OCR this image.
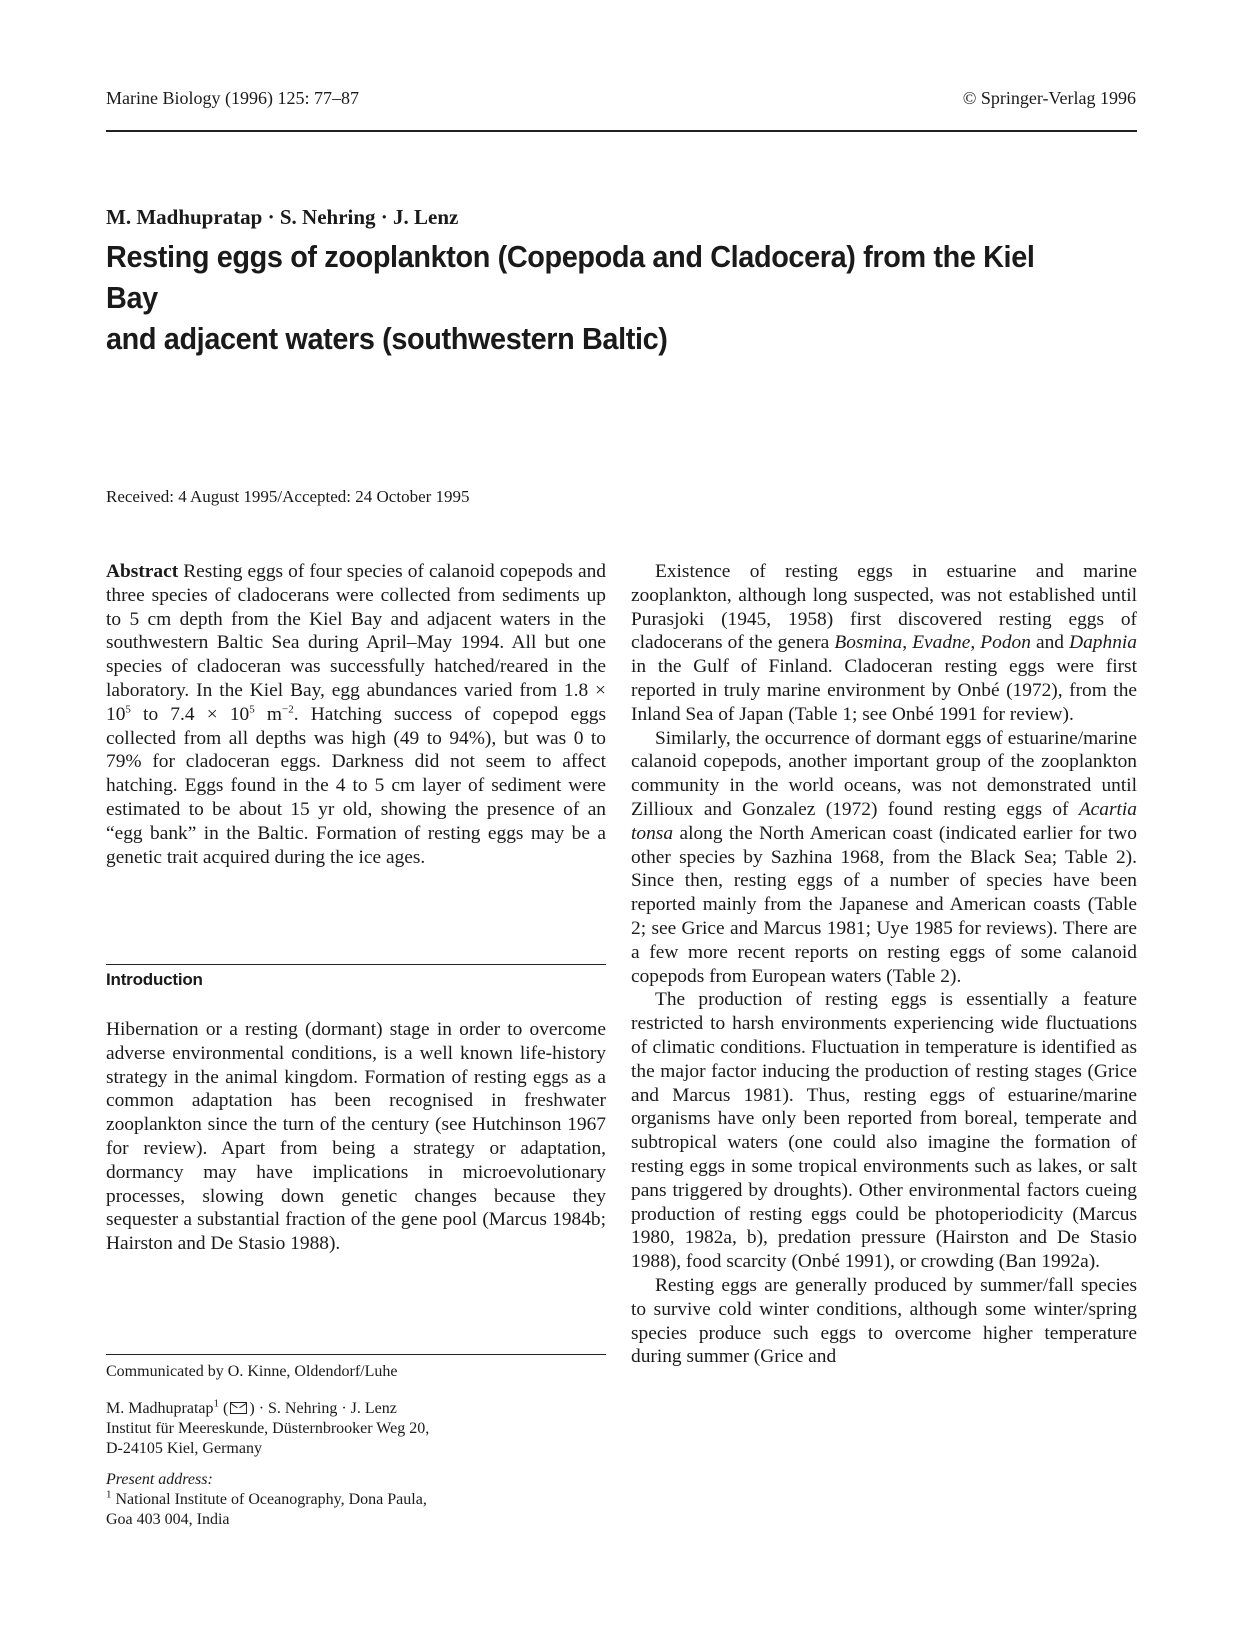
Marine Biology (1996) 125: 77–87	© Springer-Verlag 1996
M. Madhupratap · S. Nehring · J. Lenz
Resting eggs of zooplankton (Copepoda and Cladocera) from the Kiel Bay
and adjacent waters (southwestern Baltic)
Received: 4 August 1995/Accepted: 24 October 1995

Abstract Resting eggs of four species of calanoid copepods and three species of cladocerans were collected from sediments up to 5 cm depth from the Kiel Bay and adjacent waters in the southwestern Baltic Sea during April–May 1994. All but one species of cladoceran was successfully hatched/reared in the laboratory. In the Kiel Bay, egg abundances varied from $1.8 \times 10^5$ to $7.4 \times 10^5$ $m^{-2}$. Hatching success of copepod eggs collected from all depths was high (49 to 94%), but was 0 to 79% for cladoceran eggs. Darkness did not seem to affect hatching. Eggs found in the 4 to 5 cm layer of sediment were estimated to be about 15 yr old, showing the presence of an “egg bank” in the Baltic. Formation of resting eggs may be a genetic trait acquired during the ice ages.

Introduction

Hibernation or a resting (dormant) stage in order to overcome adverse environmental conditions, is a well known life-history strategy in the animal kingdom. Formation of resting eggs as a common adaptation has been recognised in freshwater zooplankton since the turn of the century (see Hutchinson 1967 for review). Apart from being a strategy or adaptation, dormancy may have implications in microevolutionary processes, slowing down genetic changes because they sequester a substantial fraction of the gene pool (Marcus 1984b; Hairston and De Stasio 1988).

Communicated by O. Kinne, Oldendorf/Luhe

M. Madhupratap$^1$ ( ) · S. Nehring · J. Lenz

Institut für Meereskunde, Düsternbrooker Weg 20,

D-24105 Kiel, Germany

Present address:

$^1$ National Institute of Oceanography, Dona Paula,

Goa 403 004, India

Existence of resting eggs in estuarine and marine zooplankton, although long suspected, was not established until Purasjoki (1945, 1958) first discovered resting eggs of cladocerans of the genera Bosmina, Evadne, Podon and Daphnia in the Gulf of Finland. Cladoceran resting eggs were first reported in truly marine environment by Onbé (1972), from the Inland Sea of Japan (Table 1; see Onbé 1991 for review).

Similarly, the occurrence of dormant eggs of estuarine/marine calanoid copepods, another important group of the zooplankton community in the world oceans, was not demonstrated until Zillioux and Gonzalez (1972) found resting eggs of Acartia tonsa along the North American coast (indicated earlier for two other species by Sazhina 1968, from the Black Sea; Table 2). Since then, resting eggs of a number of species have been reported mainly from the Japanese and American coasts (Table 2; see Grice and Marcus 1981; Uye 1985 for reviews). There are a few more recent reports on resting eggs of some calanoid copepods from European waters (Table 2).

The production of resting eggs is essentially a feature restricted to harsh environments experiencing wide fluctuations of climatic conditions. Fluctuation in temperature is identified as the major factor inducing the production of resting stages (Grice and Marcus 1981). Thus, resting eggs of estuarine/marine organisms have only been reported from boreal, temperate and subtropical waters (one could also imagine the formation of resting eggs in some tropical environments such as lakes, or salt pans triggered by droughts). Other environmental factors cueing production of resting eggs could be photoperiodicity (Marcus 1980, 1982a, b), predation pressure (Hairston and De Stasio 1988), food scarcity (Onbé 1991), or crowding (Ban 1992a).

Resting eggs are generally produced by summer/fall species to survive cold winter conditions, although some winter/spring species produce such eggs to overcome higher temperature during summer (Grice and
